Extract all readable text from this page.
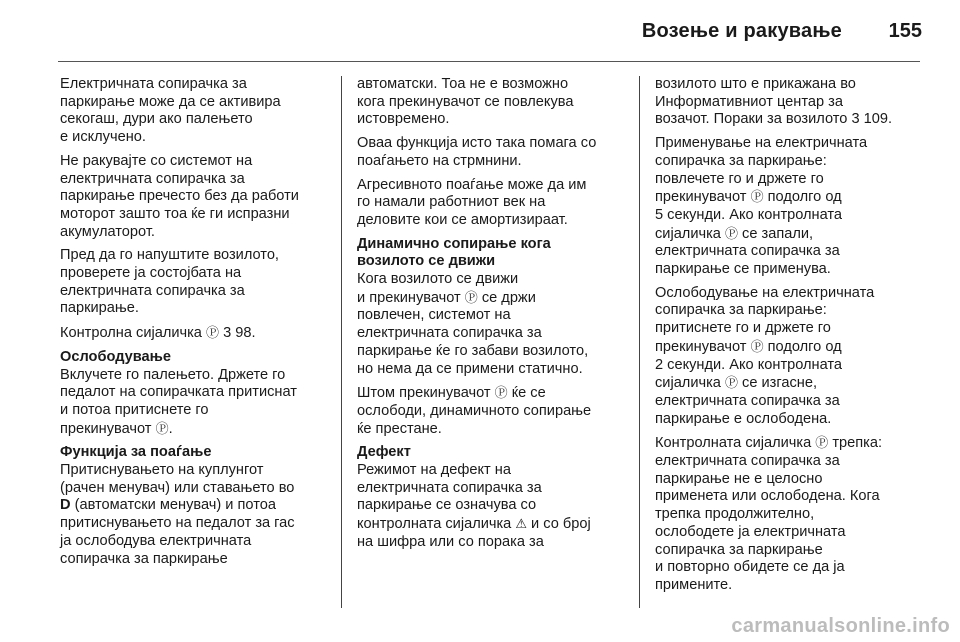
Возење и ракување 155

Електричната сопирачка за
паркирање може да се активира
секогаш, дури ако палењето
е исклучено.

Не ракувајте со системот на
електричната сопирачка за
паркирање пречесто без да работи
моторот зашто тоа ќе ги испразни
акумулаторот.

Пред да го напуштите возилото,
проверете ја состојбата на
електричната сопирачка за
паркирање.

Контролна сијаличка Ⓟ 3 98.

Ослободување

Вклучете го палењето. Држете го
педалот на сопирачката притиснат
и потоа притиснете го
прекинувачот Ⓟ.

Функција за поаѓање

Притиснувањето на куплунгот
(рачен менувач) или ставањето во
D (автоматски менувач) и потоа
притиснувањето на педалот за гас
ја ослободува електричната
сопирачка за паркирање

автоматски. Тоа не е возможно
кога прекинувачот се повлекува
истовремено.

Оваа функција исто така помага со
поаѓањето на стрмнини.

Агресивното поаѓање може да им
го намали работниот век на
деловите кои се амортизираат.

Динамично сопирање кога
возилото се движи

Кога возилото се движи
и прекинувачот Ⓟ се држи
повлечен, системот на
електричната сопирачка за
паркирање ќе го забави возилото,
но нема да се примени статично.

Штом прекинувачот Ⓟ ќе се
ослободи, динамичното сопирање
ќе престане.

Дефект

Режимот на дефект на
електричната сопирачка за
паркирање се означува со
контролната сијаличка ⚠ и со број
на шифра или со порака за

возилото што е прикажана во
Информативниот центар за
возачот. Пораки за возилото 3 109.

Применување на електричната
сопирачка за паркирање:
повлечете го и држете го
прекинувачот Ⓟ подолго од
5 секунди. Ако контролната
сијаличка Ⓟ се запали,
електричната сопирачка за
паркирање се применува.

Ослободување на електричната
сопирачка за паркирање:
притиснете го и држете го
прекинувачот Ⓟ подолго од
2 секунди. Ако контролната
сијаличка Ⓟ се изгасне,
електричната сопирачка за
паркирање е ослободена.

Контролната сијаличка Ⓟ трепка:
електричната сопирачка за
паркирање не е целосно
применета или ослободена. Кога
трепка продолжително,
ослободете ја електричната
сопирачка за паркирање
и повторно обидете се да ја
примените.

carmanualsonline.info
